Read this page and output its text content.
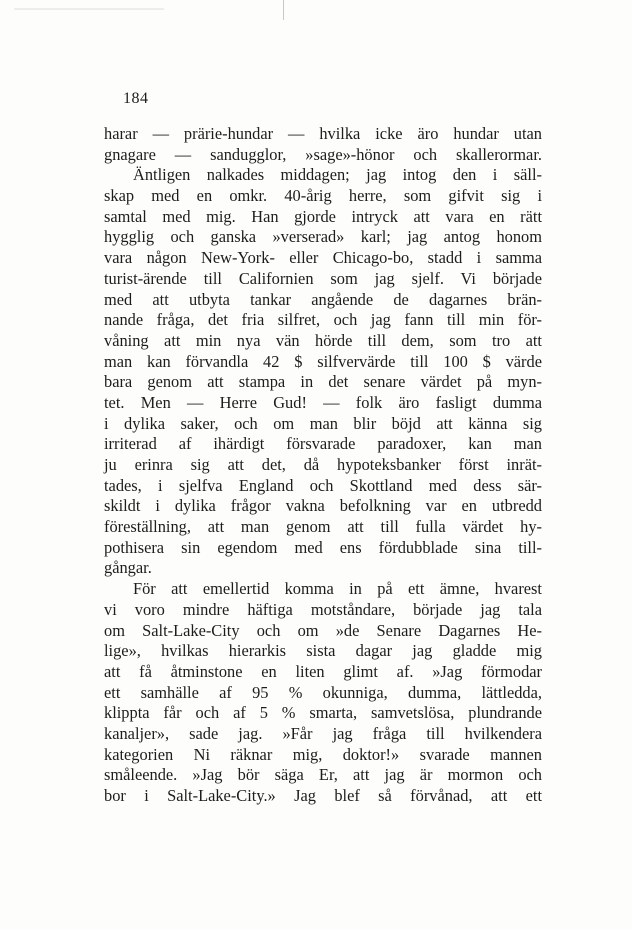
184
harar — prärie-hundar — hvilka icke äro hundar utan
gnagare — sandugglor, »sage»-hönor och skallerormar.
Äntligen nalkades middagen; jag intog den i säll-
skap med en omkr. 40-årig herre, som gifvit sig i
samtal med mig. Han gjorde intryck att vara en rätt
hygglig och ganska »verserad» karl; jag antog honom
vara någon New-York- eller Chicago-bo, stadd i samma
turist-ärende till Californien som jag sjelf. Vi började
med att utbyta tankar angående de dagarnes brän-
nande fråga, det fria silfret, och jag fann till min för-
våning att min nya vän hörde till dem, som tro att
man kan förvandla 42 $ silfvervärde till 100 $ värde
bara genom att stampa in det senare värdet på myn-
tet. Men — Herre Gud! — folk äro fasligt dumma
i dylika saker, och om man blir böjd att känna sig
irriterad af ihärdigt försvarade paradoxer, kan man
ju erinra sig att det, då hypoteksbanker först inrät-
tades, i sjelfva England och Skottland med dess sär-
skildt i dylika frågor vakna befolkning var en utbredd
föreställning, att man genom att till fulla värdet hy-
pothisera sin egendom med ens fördubblade sina till-
gångar.
För att emellertid komma in på ett ämne, hvarest
vi voro mindre häftiga motståndare, började jag tala
om Salt-Lake-City och om »de Senare Dagarnes He-
lige», hvilkas hierarkis sista dagar jag gladde mig
att få åtminstone en liten glimt af. »Jag förmodar
ett samhälle af 95 % okunniga, dumma, lättledda,
klippta får och af 5 % smarta, samvetslösa, plundrande
kanaljer», sade jag. »Får jag fråga till hvilkendera
kategorien Ni räknar mig, doktor!» svarade mannen
småleende. »Jag bör säga Er, att jag är mormon och
bor i Salt-Lake-City.» Jag blef så förvånad, att ett
